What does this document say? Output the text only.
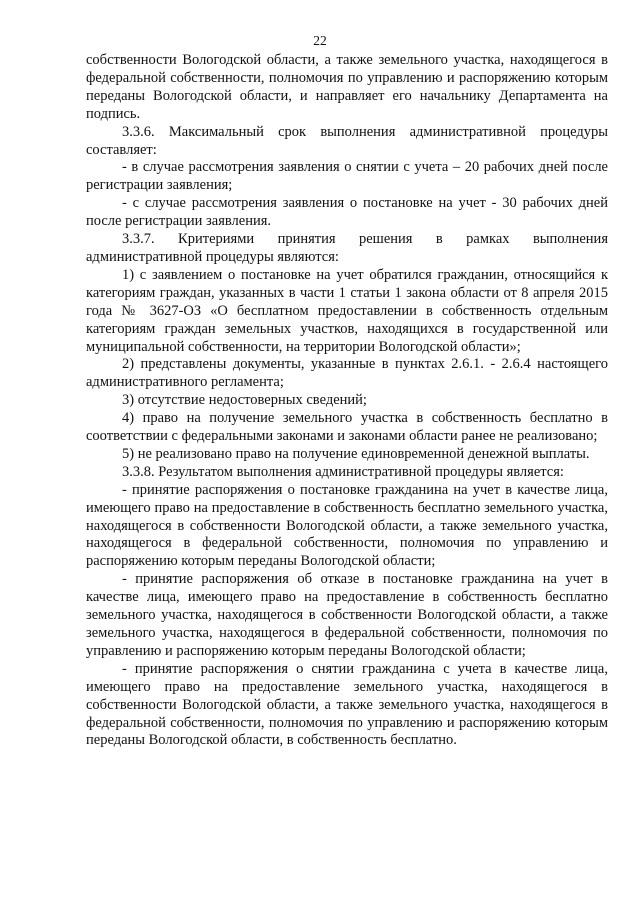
22

собственности Вологодской области, а также земельного участка, находящегося в федеральной собственности, полномочия по управлению и распоряжению которым переданы Вологодской области, и направляет его начальнику Департамента на подпись.

3.3.6. Максимальный срок выполнения административной процедуры составляет:

- в случае рассмотрения заявления о снятии с учета – 20 рабочих дней после регистрации заявления;

- с случае рассмотрения заявления о постановке на учет - 30 рабочих дней после регистрации заявления.

3.3.7. Критериями принятия решения в рамках выполнения административной процедуры являются:

1) с заявлением о постановке на учет обратился гражданин, относящийся к категориям граждан, указанных в части 1 статьи 1 закона области от 8 апреля 2015 года № 3627-ОЗ «О бесплатном предоставлении в собственность отдельным категориям граждан земельных участков, находящихся в государственной или муниципальной собственности, на территории Вологодской области»;

2) представлены документы, указанные в пунктах 2.6.1. - 2.6.4 настоящего административного регламента;

3) отсутствие недостоверных сведений;

4) право на получение земельного участка в собственность бесплатно в соответствии с федеральными законами и законами области ранее не реализовано;

5) не реализовано право на получение единовременной денежной выплаты.

3.3.8. Результатом выполнения административной процедуры является:

- принятие распоряжения о постановке гражданина на учет в качестве лица, имеющего право на предоставление в собственность бесплатно земельного участка, находящегося в собственности Вологодской области, а также земельного участка, находящегося в федеральной собственности, полномочия по управлению и распоряжению которым переданы Вологодской области;

- принятие распоряжения об отказе в постановке гражданина на учет в качестве лица, имеющего право на предоставление в собственность бесплатно земельного участка, находящегося в собственности Вологодской области, а также земельного участка, находящегося в федеральной собственности, полномочия по управлению и распоряжению которым переданы Вологодской области;

- принятие распоряжения о снятии гражданина с учета в качестве лица, имеющего право на предоставление земельного участка, находящегося в собственности Вологодской области, а также земельного участка, находящегося в федеральной собственности, полномочия по управлению и распоряжению которым переданы Вологодской области, в собственность бесплатно.
